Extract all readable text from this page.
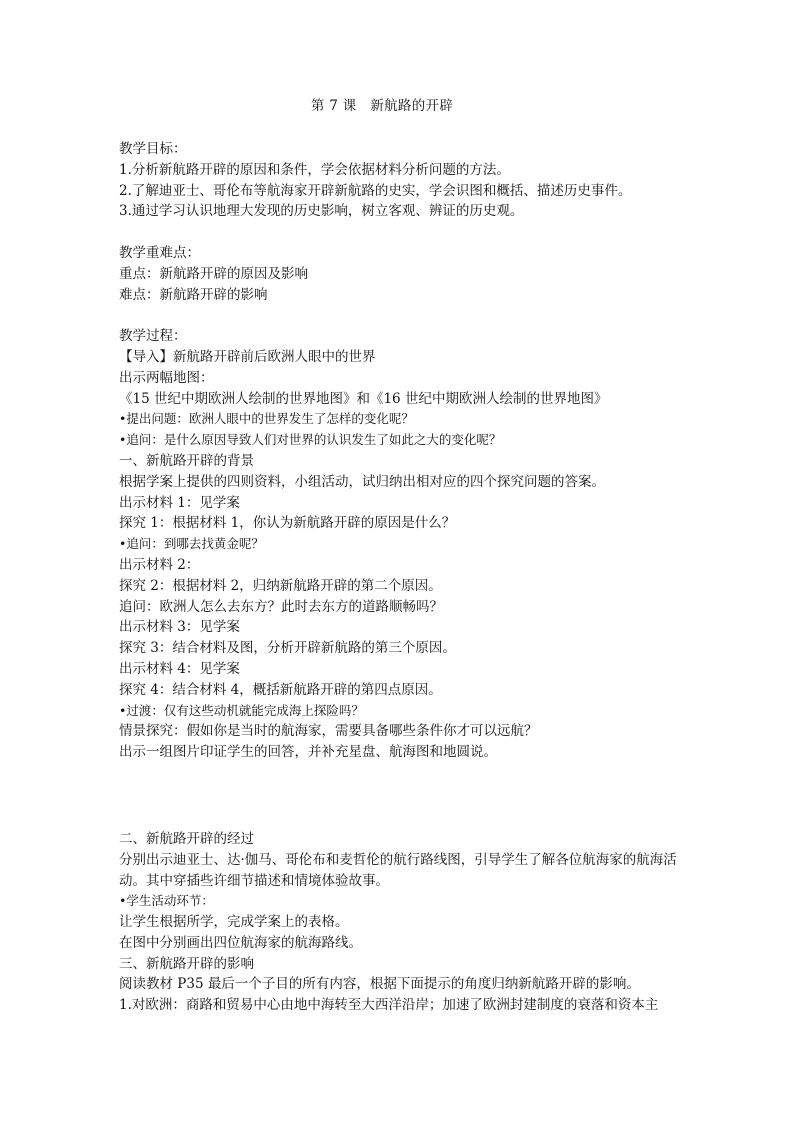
第 7 课　新航路的开辟
教学目标：
1.分析新航路开辟的原因和条件，学会依据材料分析问题的方法。
2.了解迪亚士、哥伦布等航海家开辟新航路的史实，学会识图和概括、描述历史事件。
3.通过学习认识地理大发现的历史影响，树立客观、辨证的历史观。
教学重难点：
重点：新航路开辟的原因及影响
难点：新航路开辟的影响
教学过程：
【导入】新航路开辟前后欧洲人眼中的世界
出示两幅地图：
《15 世纪中期欧洲人绘制的世界地图》和《16 世纪中期欧洲人绘制的世界地图》
•提出问题：欧洲人眼中的世界发生了怎样的变化呢？
•追问：是什么原因导致人们对世界的认识发生了如此之大的变化呢？
一、新航路开辟的背景
根据学案上提供的四则资料，小组活动，试归纳出相对应的四个探究问题的答案。
出示材料 1：见学案
探究 1：根据材料 1，你认为新航路开辟的原因是什么？
•追问：到哪去找黄金呢？
出示材料 2：
探究 2：根据材料 2，归纳新航路开辟的第二个原因。
追问：欧洲人怎么去东方？此时去东方的道路顺畅吗？
出示材料 3：见学案
探究 3：结合材料及图，分析开辟新航路的第三个原因。
出示材料 4：见学案
探究 4：结合材料 4，概括新航路开辟的第四点原因。
•过渡：仅有这些动机就能完成海上探险吗？
情景探究：假如你是当时的航海家，需要具备哪些条件你才可以远航？
出示一组图片印证学生的回答，并补充星盘、航海图和地圆说。
二、新航路开辟的经过
分别出示迪亚士、达·伽马、哥伦布和麦哲伦的航行路线图，引导学生了解各位航海家的航海活动。其中穿插些许细节描述和情境体验故事。
•学生活动环节：
让学生根据所学，完成学案上的表格。
在图中分别画出四位航海家的航海路线。
三、新航路开辟的影响
阅读教材 P35 最后一个子目的所有内容，根据下面提示的角度归纳新航路开辟的影响。
1.对欧洲：商路和贸易中心由地中海转至大西洋沿岸；加速了欧洲封建制度的衰落和资本主
